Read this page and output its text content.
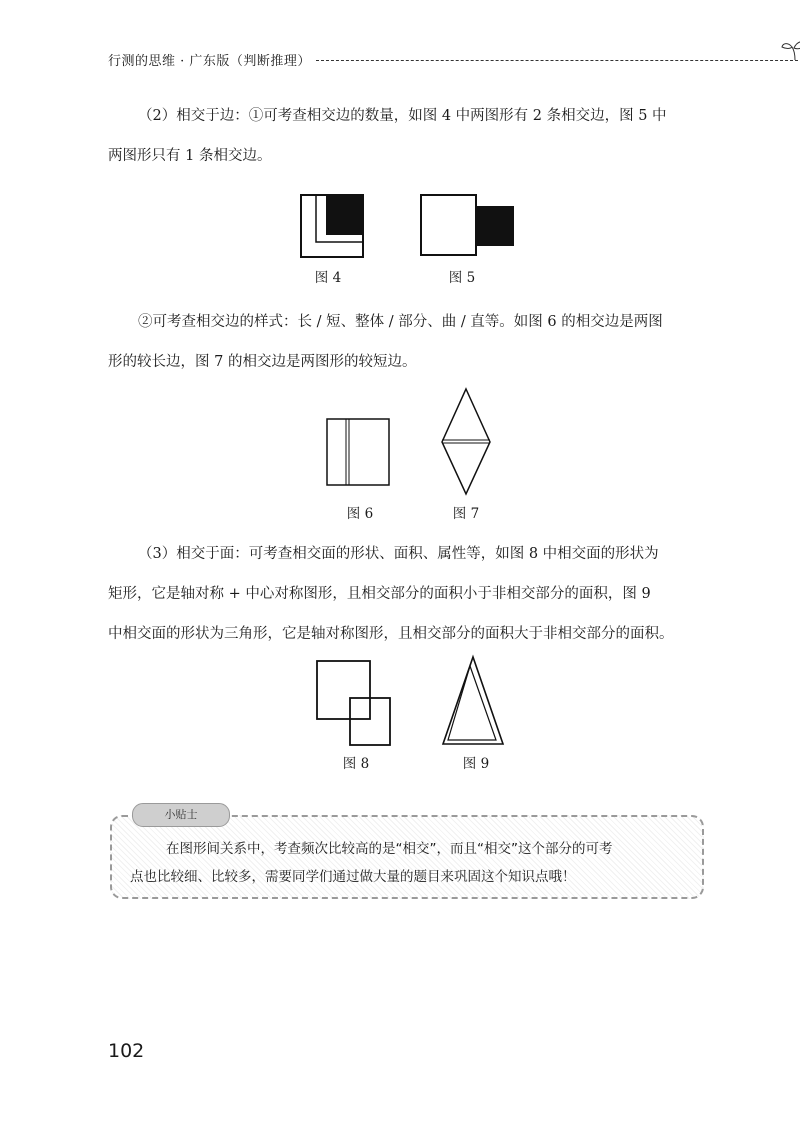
行测的思维 · 广东版（判断推理）
（2）相交于边：①可考查相交边的数量，如图 4 中两图形有 2 条相交边，图 5 中
两图形只有 1 条相交边。
图 4	图 5
②可考查相交边的样式：长 / 短、整体 / 部分、曲 / 直等。如图 6 的相交边是两图
形的较长边，图 7 的相交边是两图形的较短边。
图 6	图 7
（3）相交于面：可考查相交面的形状、面积、属性等，如图 8 中相交面的形状为
矩形，它是轴对称 + 中心对称图形，且相交部分的面积小于非相交部分的面积，图 9
中相交面的形状为三角形，它是轴对称图形，且相交部分的面积大于非相交部分的面积。
图 8	图 9
小贴士
在图形间关系中，考查频次比较高的是“相交”，而且“相交”这个部分的可考
点也比较细、比较多，需要同学们通过做大量的题目来巩固这个知识点哦！
102
